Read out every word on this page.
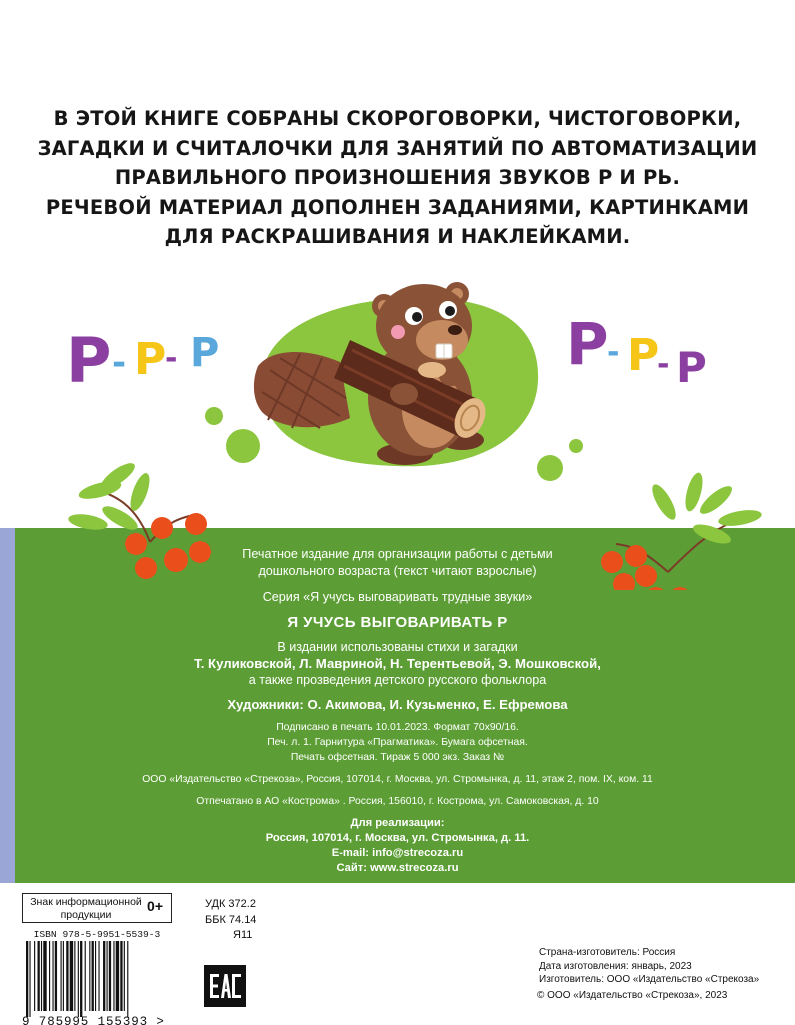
В ЭТОЙ КНИГЕ СОБРАНЫ СКОРОГОВОРКИ, ЧИСТОГОВОРКИ,
ЗАГАДКИ И СЧИТАЛОЧКИ ДЛЯ ЗАНЯТИЙ ПО АВТОМАТИЗАЦИИ
ПРАВИЛЬНОГО ПРОИЗНОШЕНИЯ ЗВУКОВ Р И РЬ.
РЕЧЕВОЙ МАТЕРИАЛ ДОПОЛНЕН ЗАДАНИЯМИ, КАРТИНКАМИ
ДЛЯ РАСКРАШИВАНИЯ И НАКЛЕЙКАМИ.
Р - Р
- Р	Р
- Р
- Р
Печатное издание для организации работы с детьми
дошкольного возраста (текст читают взрослые)
Серия «Я учусь выговаривать трудные звуки»
Я УЧУСЬ ВЫГОВАРИВАТЬ Р
В издании использованы стихи и загадки
Т. Куликовской, Л. Мавриной, Н. Терентьевой, Э. Мошковской,
а также прозведения детского русского фольклора
Художники: О. Акимова, И. Кузьменко, Е. Ефремова
Подписано в печать 10.01.2023. Формат 70х90/16.
Печ. л. 1. Гарнитура «Прагматика». Бумага офсетная.
Печать офсетная. Тираж 5 000 экз. Заказ №
ООО «Издательство «Стрекоза», Россия, 107014, г. Москва, ул. Стромынка, д. 11, этаж 2, пом. IX, ком. 11
Отпечатано в АО «Кострома» . Россия, 156010, г. Кострома, ул. Самоковская, д. 10
Для реализации:
Россия, 107014, г. Москва, ул. Стромынка, д. 11.
E-mail: info@strecoza.ru
Сайт: www.strecoza.ru
Знак информационной продукции
0+
ISBN 978-5-9951-5539-3
9 785995 155393 >
УДК 372.2
ББК 74.14
Я11
Страна-изготовитель: Россия
Дата изготовления: январь, 2023
Изготовитель: ООО «Издательство «Стрекоза»
© ООО «Издательство «Стрекоза», 2023
